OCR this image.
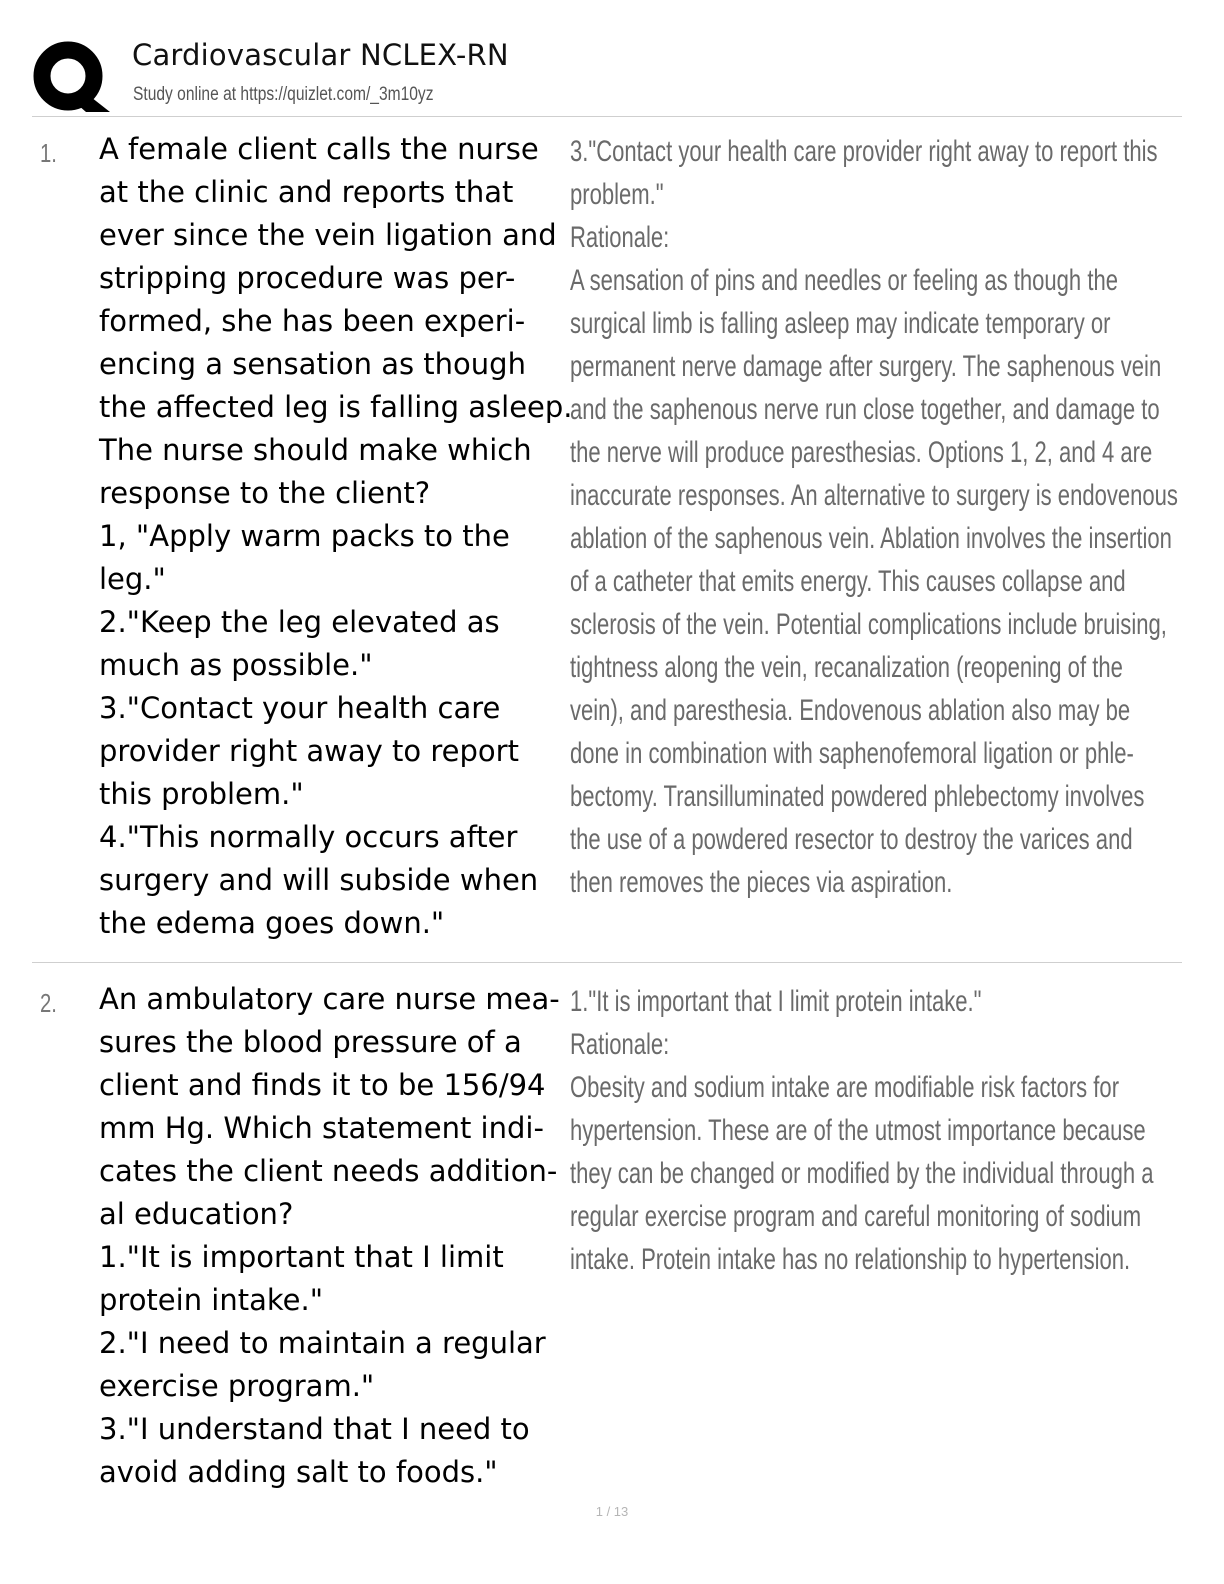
Cardiovascular NCLEX-RN
Study online at https://quizlet.com/_3m10yz
1. A female client calls the nurse
at the clinic and reports that
ever since the vein ligation and
stripping procedure was per-
formed, she has been experi-
encing a sensation as though
the affected leg is falling asleep.
The nurse should make which
response to the client?
1, "Apply warm packs to the
leg."
2."Keep the leg elevated as
much as possible."
3."Contact your health care
provider right away to report
this problem."
4."This normally occurs after
surgery and will subside when
the edema goes down."
3."Contact your health care provider right away to report this
problem."
Rationale:
A sensation of pins and needles or feeling as though the
surgical limb is falling asleep may indicate temporary or
permanent nerve damage after surgery. The saphenous vein
and the saphenous nerve run close together, and damage to
the nerve will produce paresthesias. Options 1, 2, and 4 are
inaccurate responses. An alternative to surgery is endovenous
ablation of the saphenous vein. Ablation involves the insertion
of a catheter that emits energy. This causes collapse and
sclerosis of the vein. Potential complications include bruising,
tightness along the vein, recanalization (reopening of the
vein), and paresthesia. Endovenous ablation also may be
done in combination with saphenofemoral ligation or phle-
bectomy. Transilluminated powdered phlebectomy involves
the use of a powdered resector to destroy the varices and
then removes the pieces via aspiration.
2. An ambulatory care nurse mea-
sures the blood pressure of a
client and finds it to be 156/94
mm Hg. Which statement indi-
cates the client needs addition-
al education?
1."It is important that I limit
protein intake."
2."I need to maintain a regular
exercise program."
3."I understand that I need to
avoid adding salt to foods."
1."It is important that I limit protein intake."
Rationale:
Obesity and sodium intake are modifiable risk factors for
hypertension. These are of the utmost importance because
they can be changed or modified by the individual through a
regular exercise program and careful monitoring of sodium
intake. Protein intake has no relationship to hypertension.
1 / 13
